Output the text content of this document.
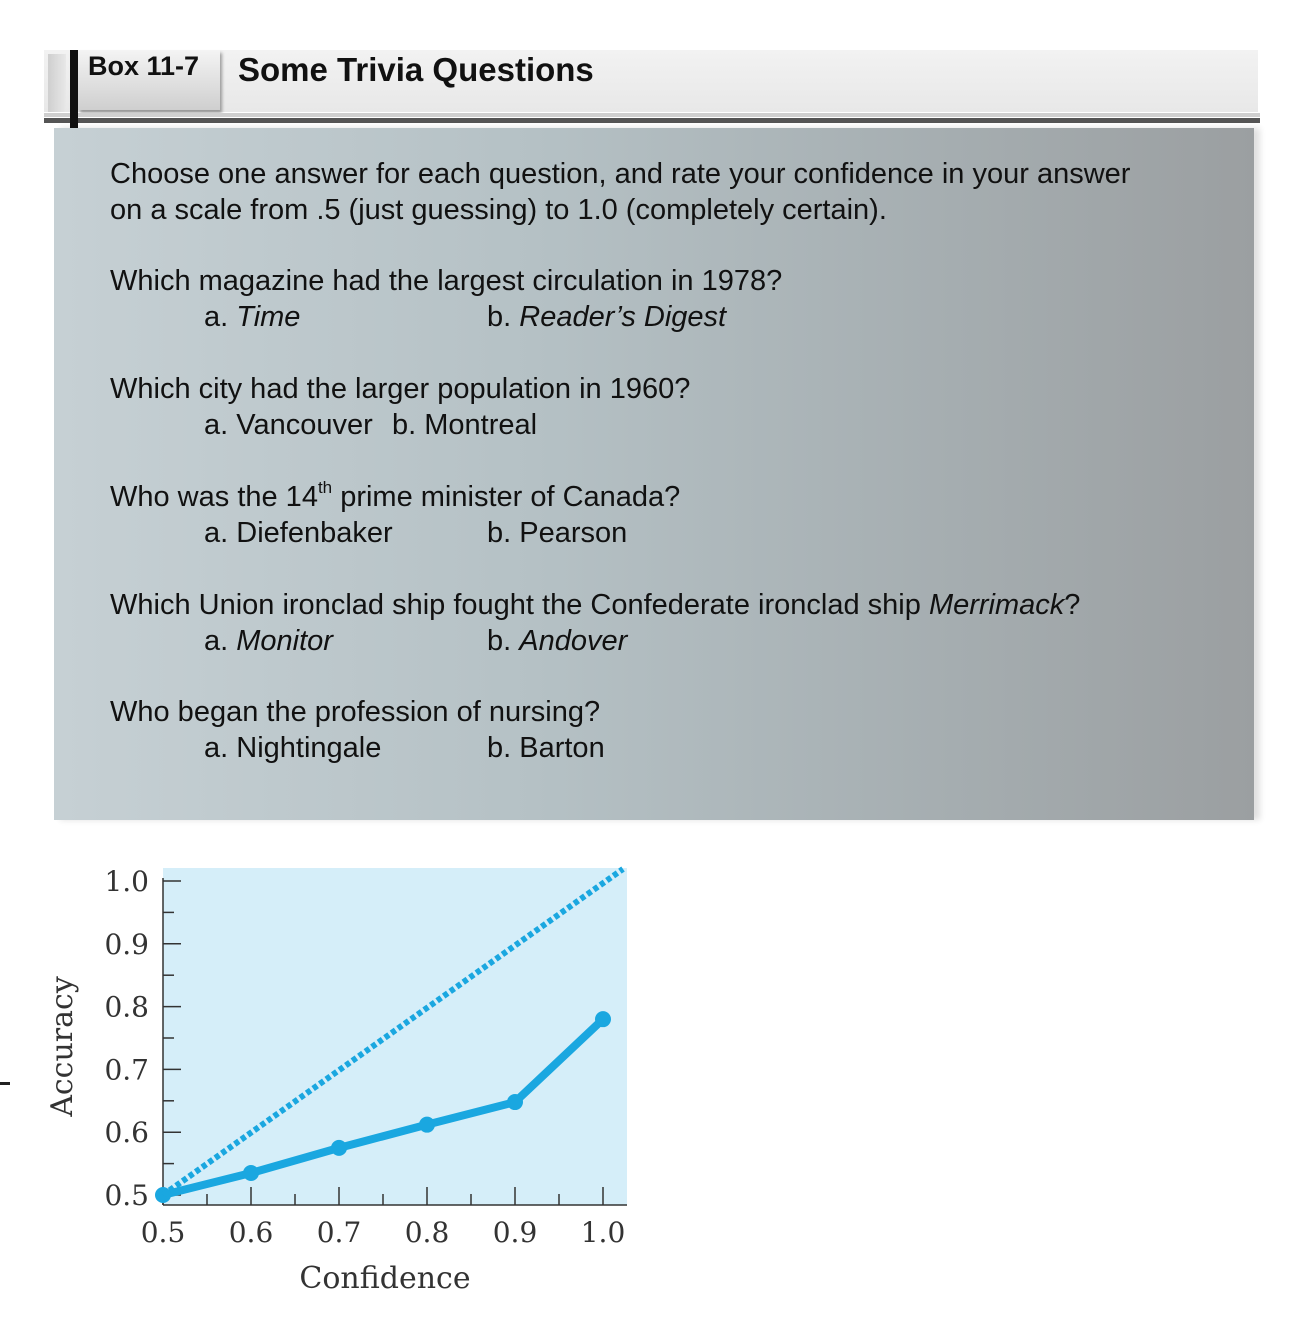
Box 11-7 Some Trivia Questions
Choose one answer for each question, and rate your confidence in your answer
on a scale from .5 (just guessing) to 1.0 (completely certain).
Which magazine had the largest circulation in 1978?
a. Time	b. Reader’s Digest
Which city had the larger population in 1960?
a. Vancouver b. Montreal
Who was the 14th prime minister of Canada?
a. Diefenbaker	b. Pearson
Which Union ironclad ship fought the Confederate ironclad ship Merrimack?
a. Monitor	b. Andover
Who began the profession of nursing?
a. Nightingale	b. Barton
0.5
0.6
0.7
0.8
0.9
1.0
0.5 0.6 0.7 0.8 0.9 1.0
Confidence
Accuracy
